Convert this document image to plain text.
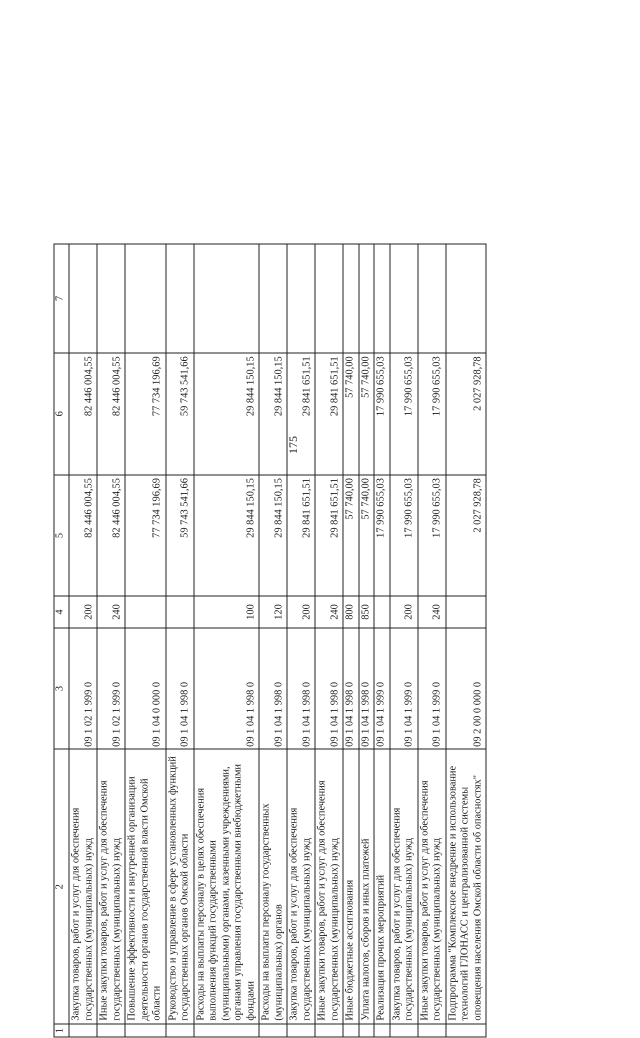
175
1	2	3	4	5	6	7
	Закупка товаров, работ и услуг для обеспечения государственных (муниципальных) нужд	09 1 02 1 999 0	200	82 446 004,55	82 446 004,55	
	Иные закупки товаров, работ и услуг для обеспечения государственных (муниципальных) нужд	09 1 02 1 999 0	240	82 446 004,55	82 446 004,55	
	Повышение эффективности и внутренней организации деятельности органов государственной власти Омской области	09 1 04 0 000 0		77 734 196,69	77 734 196,69	
	Руководство и управление в сфере установленных функций государственных органов Омской области	09 1 04 1 998 0		59 743 541,66	59 743 541,66	
	Расходы на выплаты персоналу в целях обеспечения выполнения функций государственными (муниципальными) органами, казенными учреждениями, органами управления государственными внебюджетными фондами	09 1 04 1 998 0	100	29 844 150,15	29 844 150,15	
	Расходы на выплаты персоналу государственных (муниципальных) органов	09 1 04 1 998 0	120	29 844 150,15	29 844 150,15	
	Закупка товаров, работ и услуг для обеспечения государственных (муниципальных) нужд	09 1 04 1 998 0	200	29 841 651,51	29 841 651,51	
	Иные закупки товаров, работ и услуг для обеспечения государственных (муниципальных) нужд	09 1 04 1 998 0	240	29 841 651,51	29 841 651,51	
	Иные бюджетные ассигнования	09 1 04 1 998 0	800	57 740,00	57 740,00	
	Уплата налогов, сборов и иных платежей	09 1 04 1 998 0	850	57 740,00	57 740,00	
	Реализация прочих мероприятий	09 1 04 1 999 0		17 990 655,03	17 990 655,03	
	Закупка товаров, работ и услуг для обеспечения государственных (муниципальных) нужд	09 1 04 1 999 0	200	17 990 655,03	17 990 655,03	
	Иные закупки товаров, работ и услуг для обеспечения государственных (муниципальных) нужд	09 1 04 1 999 0	240	17 990 655,03	17 990 655,03	
	Подпрограмма "Комплексное внедрение и использование технологий ГЛОНАСС и централизованной системы оповещения населения Омской области об опасностях"	09 2 00 0 000 0		2 027 928,78	2 027 928,78	
